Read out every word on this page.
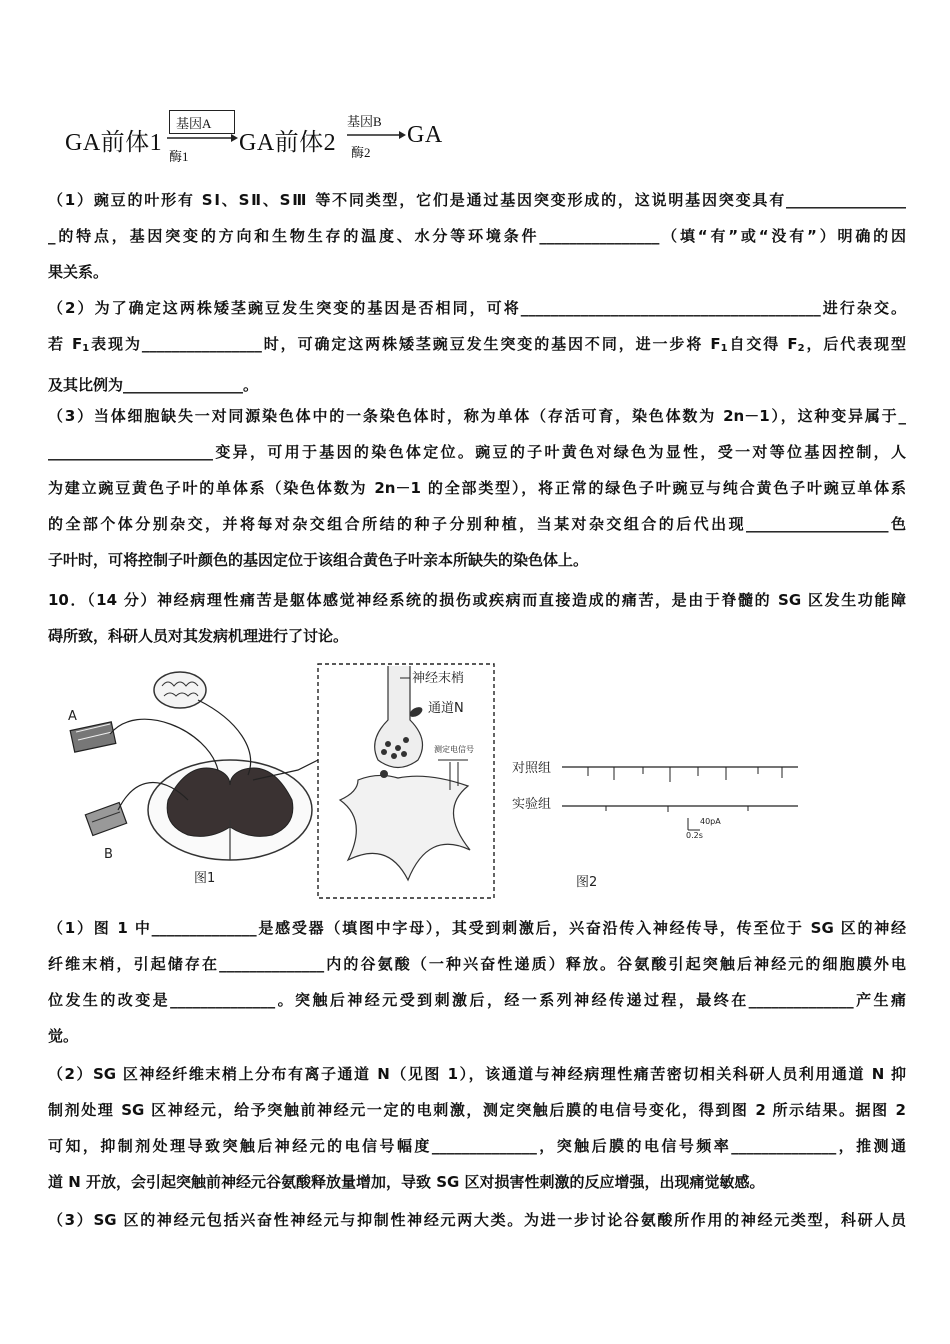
GA前体1
基因A
酶1
GA前体2
基因B
酶2
GA
（1）豌豆的叶形有 SⅠ、SⅡ、SⅢ 等不同类型，它们是通过基因突变形成的，这说明基因突变具有________________
_的特点，基因突变的方向和生物生存的温度、水分等环境条件________________（填“有”或“没有”）明确的因
果关系。
（2）为了确定这两株矮茎豌豆发生突变的基因是否相同，可将________________________________________进行杂交。
若 $F_1$表现为________________时，可确定这两株矮茎豌豆发生突变的基因不同，进一步将 $F_1$自交得 $F_2$，后代表现型
及其比例为________________。
（3）当体细胞缺失一对同源染色体中的一条染色体时，称为单体（存活可育，染色体数为 2n－1），这种变异属于_
______________________变异，可用于基因的染色体定位。豌豆的子叶黄色对绿色为显性，受一对等位基因控制，人
为建立豌豆黄色子叶的单体系（染色体数为 2n－1 的全部类型），将正常的绿色子叶豌豆与纯合黄色子叶豌豆单体系
的全部个体分别杂交，并将每对杂交组合所结的种子分别种植，当某对杂交组合的后代出现___________________色
子叶时，可将控制子叶颜色的基因定位于该组合黄色子叶亲本所缺失的染色体上。
10．（14 分）神经病理性痛苦是躯体感觉神经系统的损伤或疾病而直接造成的痛苦，是由于脊髓的 SG 区发生功能障
碍所致，科研人员对其发病机理进行了讨论。
A
B
图1
神经末梢
通道N
测定电信号
对照组
实验组
40pA
0.2s
图2
（1）图 1 中______________是感受器（填图中字母），其受到刺激后，兴奋沿传入神经传导，传至位于 SG 区的神经
纤维末梢，引起储存在______________内的谷氨酸（一种兴奋性递质）释放。谷氨酸引起突触后神经元的细胞膜外电
位发生的改变是______________。突触后神经元受到刺激后，经一系列神经传递过程，最终在______________产生痛
觉。
（2）SG 区神经纤维末梢上分布有离子通道 N（见图 1），该通道与神经病理性痛苦密切相关科研人员利用通道 N 抑
制剂处理 SG 区神经元，给予突触前神经元一定的电刺激，测定突触后膜的电信号变化，得到图 2 所示结果。据图 2
可知，抑制剂处理导致突触后神经元的电信号幅度______________，突触后膜的电信号频率______________，推测通
道 N 开放，会引起突触前神经元谷氨酸释放量增加，导致 SG 区对损害性刺激的反应增强，出现痛觉敏感。
（3）SG 区的神经元包括兴奋性神经元与抑制性神经元两大类。为进一步讨论谷氨酸所作用的神经元类型，科研人员
